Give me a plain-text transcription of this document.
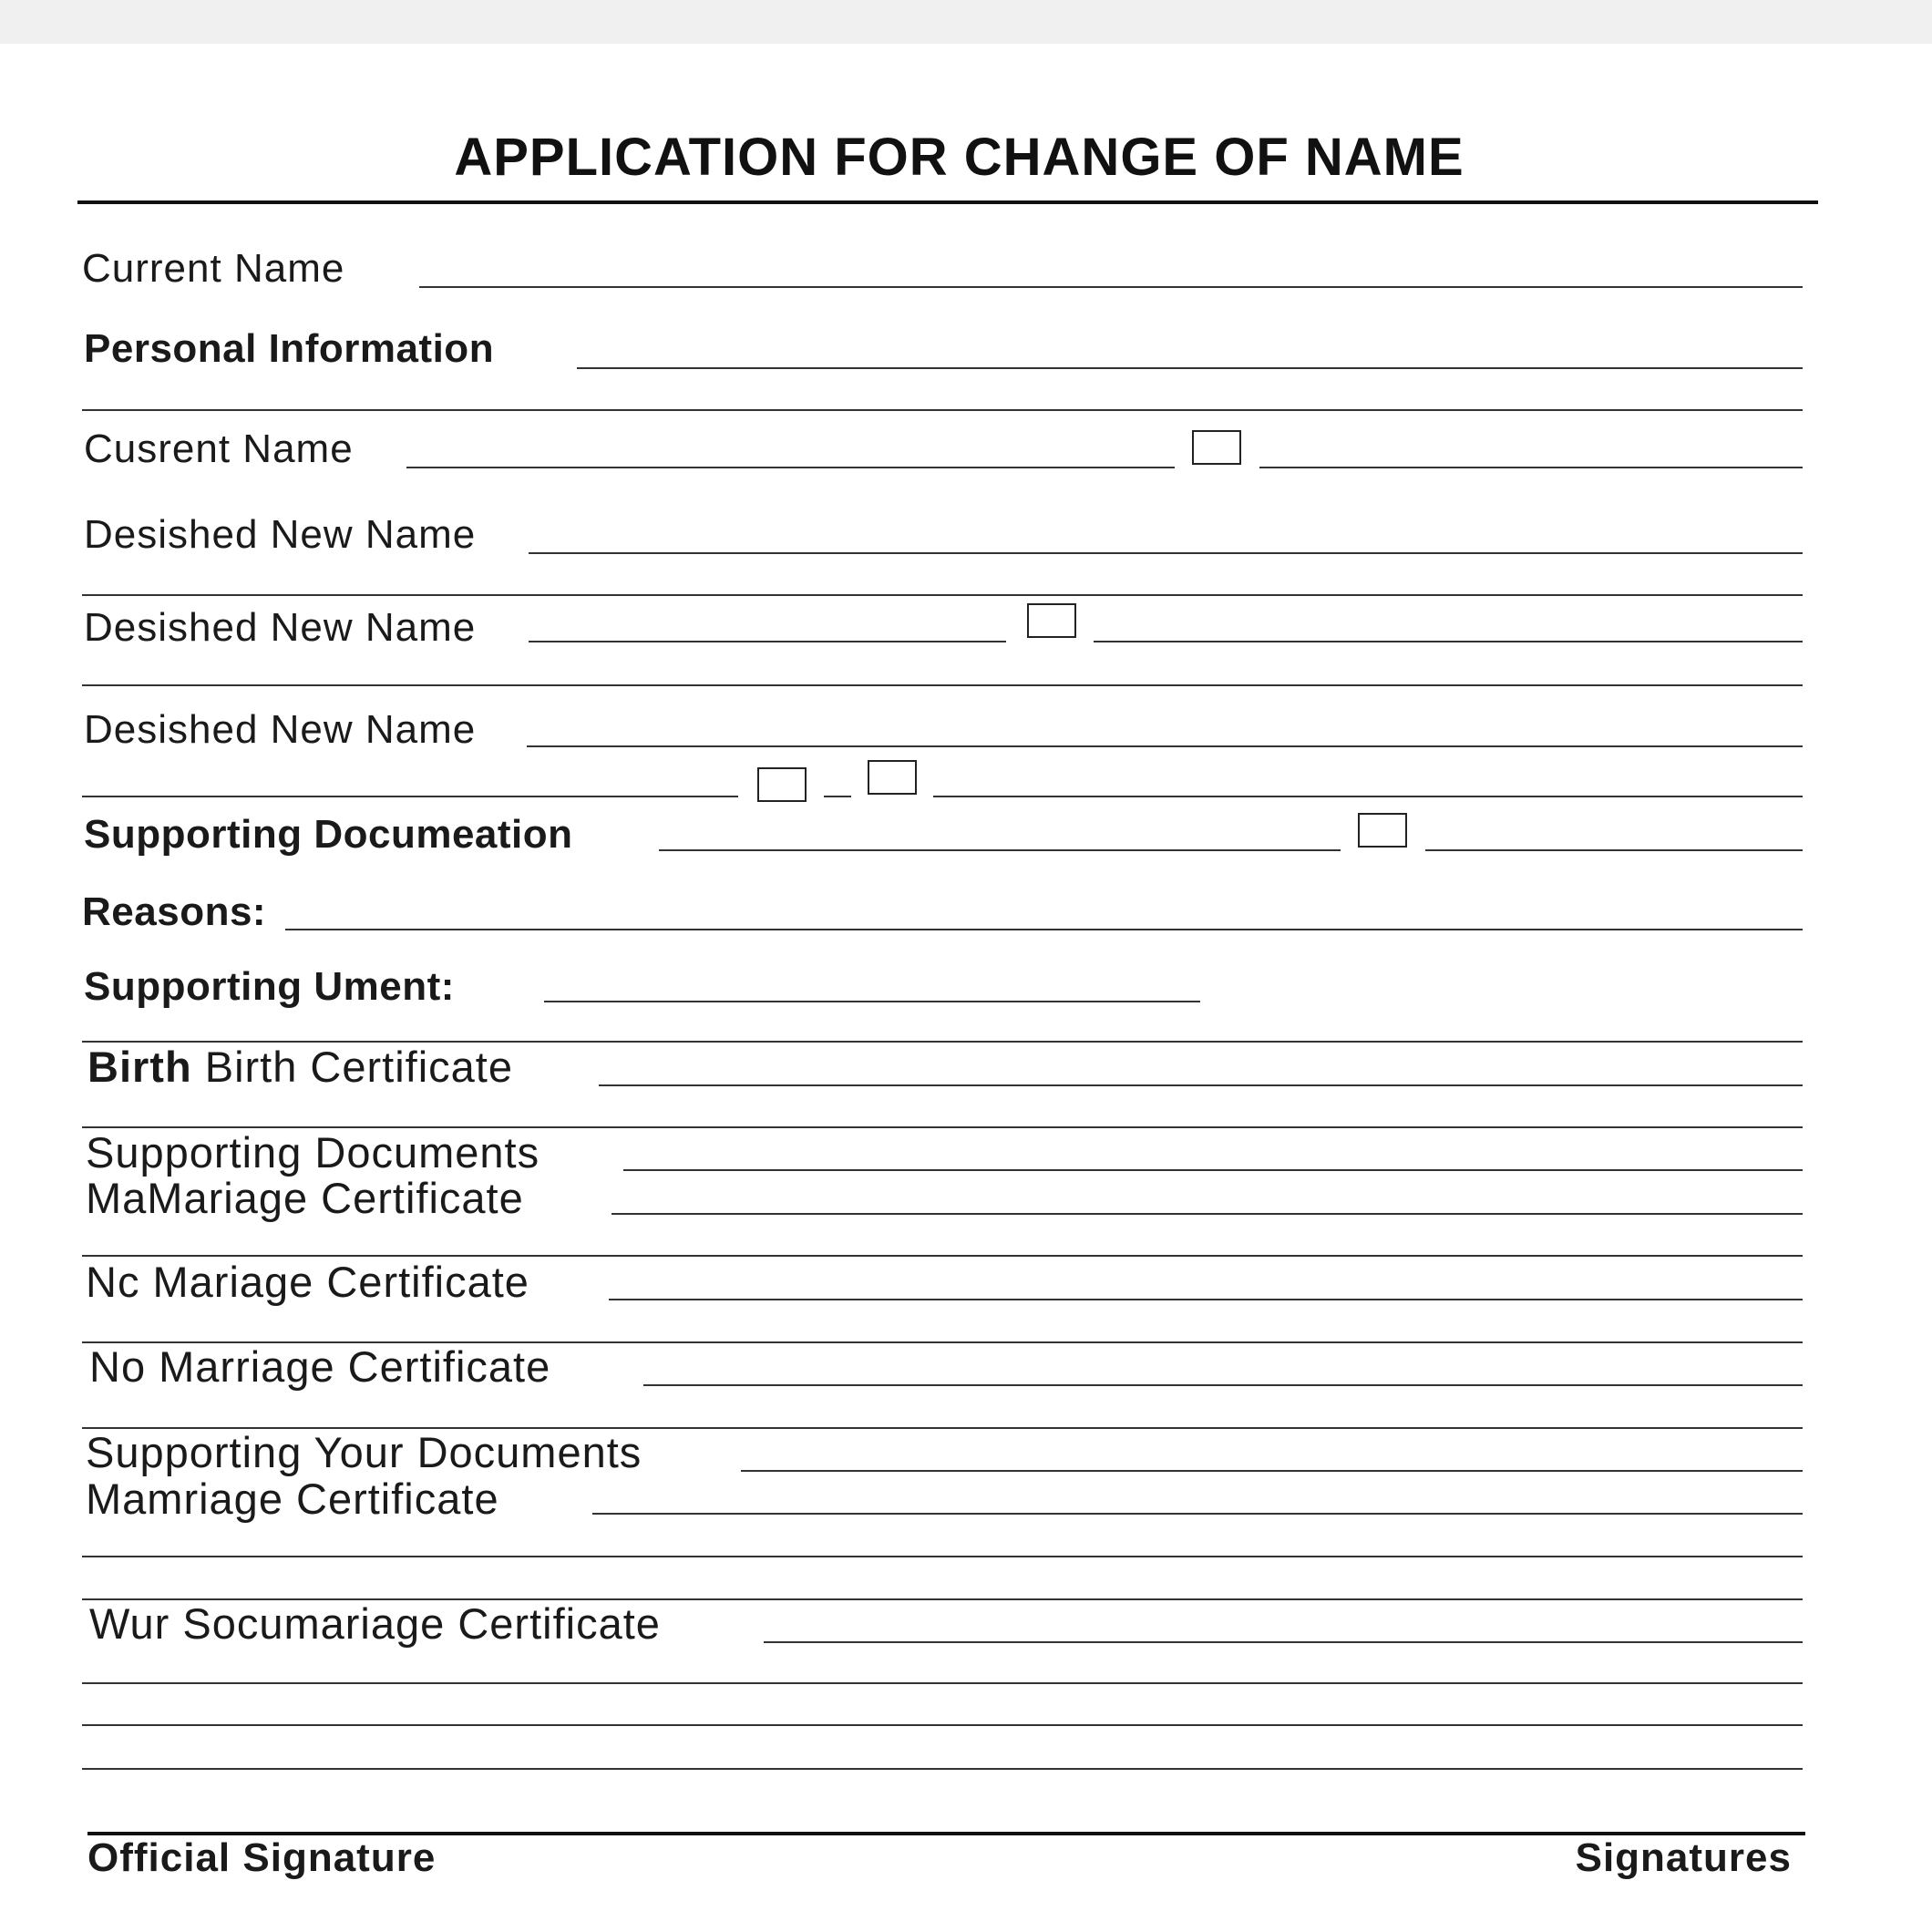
APPLICATION FOR CHANGE OF NAME
Current Name
Personal Information
Cusrent Name
Desished New Name
Desished New Name
Desished New Name
Supporting Documeation
Reasons:
Supporting Ument:
Birth Birth Certificate
Supporting Documents
MaMariage Certificate
Nc Mariage Certificate
No Marriage Certificate
Supporting Your Documents
Mamriage Certificate
Wur Socumariage Certificate
Official Signature	Signatures
